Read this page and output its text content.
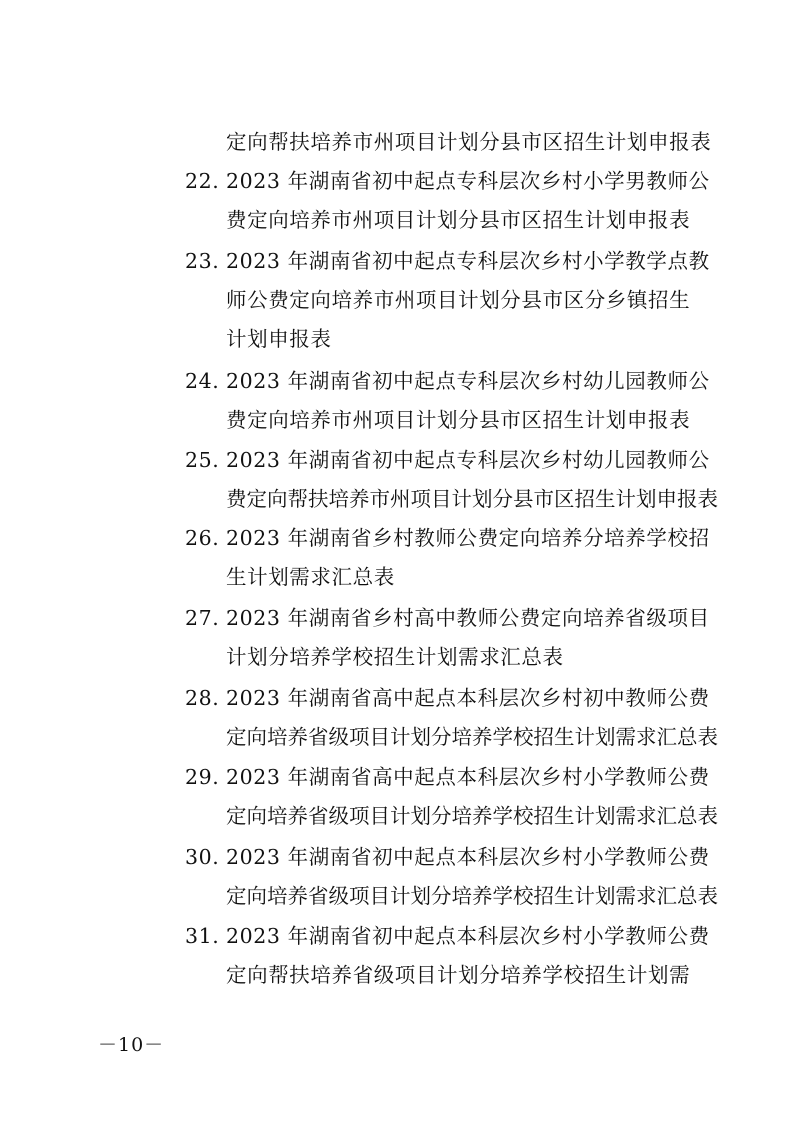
定向帮扶培养市州项目计划分县市区招生计划申报表
22. 2023 年湖南省初中起点专科层次乡村小学男教师公
费定向培养市州项目计划分县市区招生计划申报表
23. 2023 年湖南省初中起点专科层次乡村小学教学点教
师公费定向培养市州项目计划分县市区分乡镇招生
计划申报表
24. 2023 年湖南省初中起点专科层次乡村幼儿园教师公
费定向培养市州项目计划分县市区招生计划申报表
25. 2023 年湖南省初中起点专科层次乡村幼儿园教师公
费定向帮扶培养市州项目计划分县市区招生计划申报表
26. 2023 年湖南省乡村教师公费定向培养分培养学校招
生计划需求汇总表
27. 2023 年湖南省乡村高中教师公费定向培养省级项目
计划分培养学校招生计划需求汇总表
28. 2023 年湖南省高中起点本科层次乡村初中教师公费
定向培养省级项目计划分培养学校招生计划需求汇总表
29. 2023 年湖南省高中起点本科层次乡村小学教师公费
定向培养省级项目计划分培养学校招生计划需求汇总表
30. 2023 年湖南省初中起点本科层次乡村小学教师公费
定向培养省级项目计划分培养学校招生计划需求汇总表
31. 2023 年湖南省初中起点本科层次乡村小学教师公费
定向帮扶培养省级项目计划分培养学校招生计划需
－10－
